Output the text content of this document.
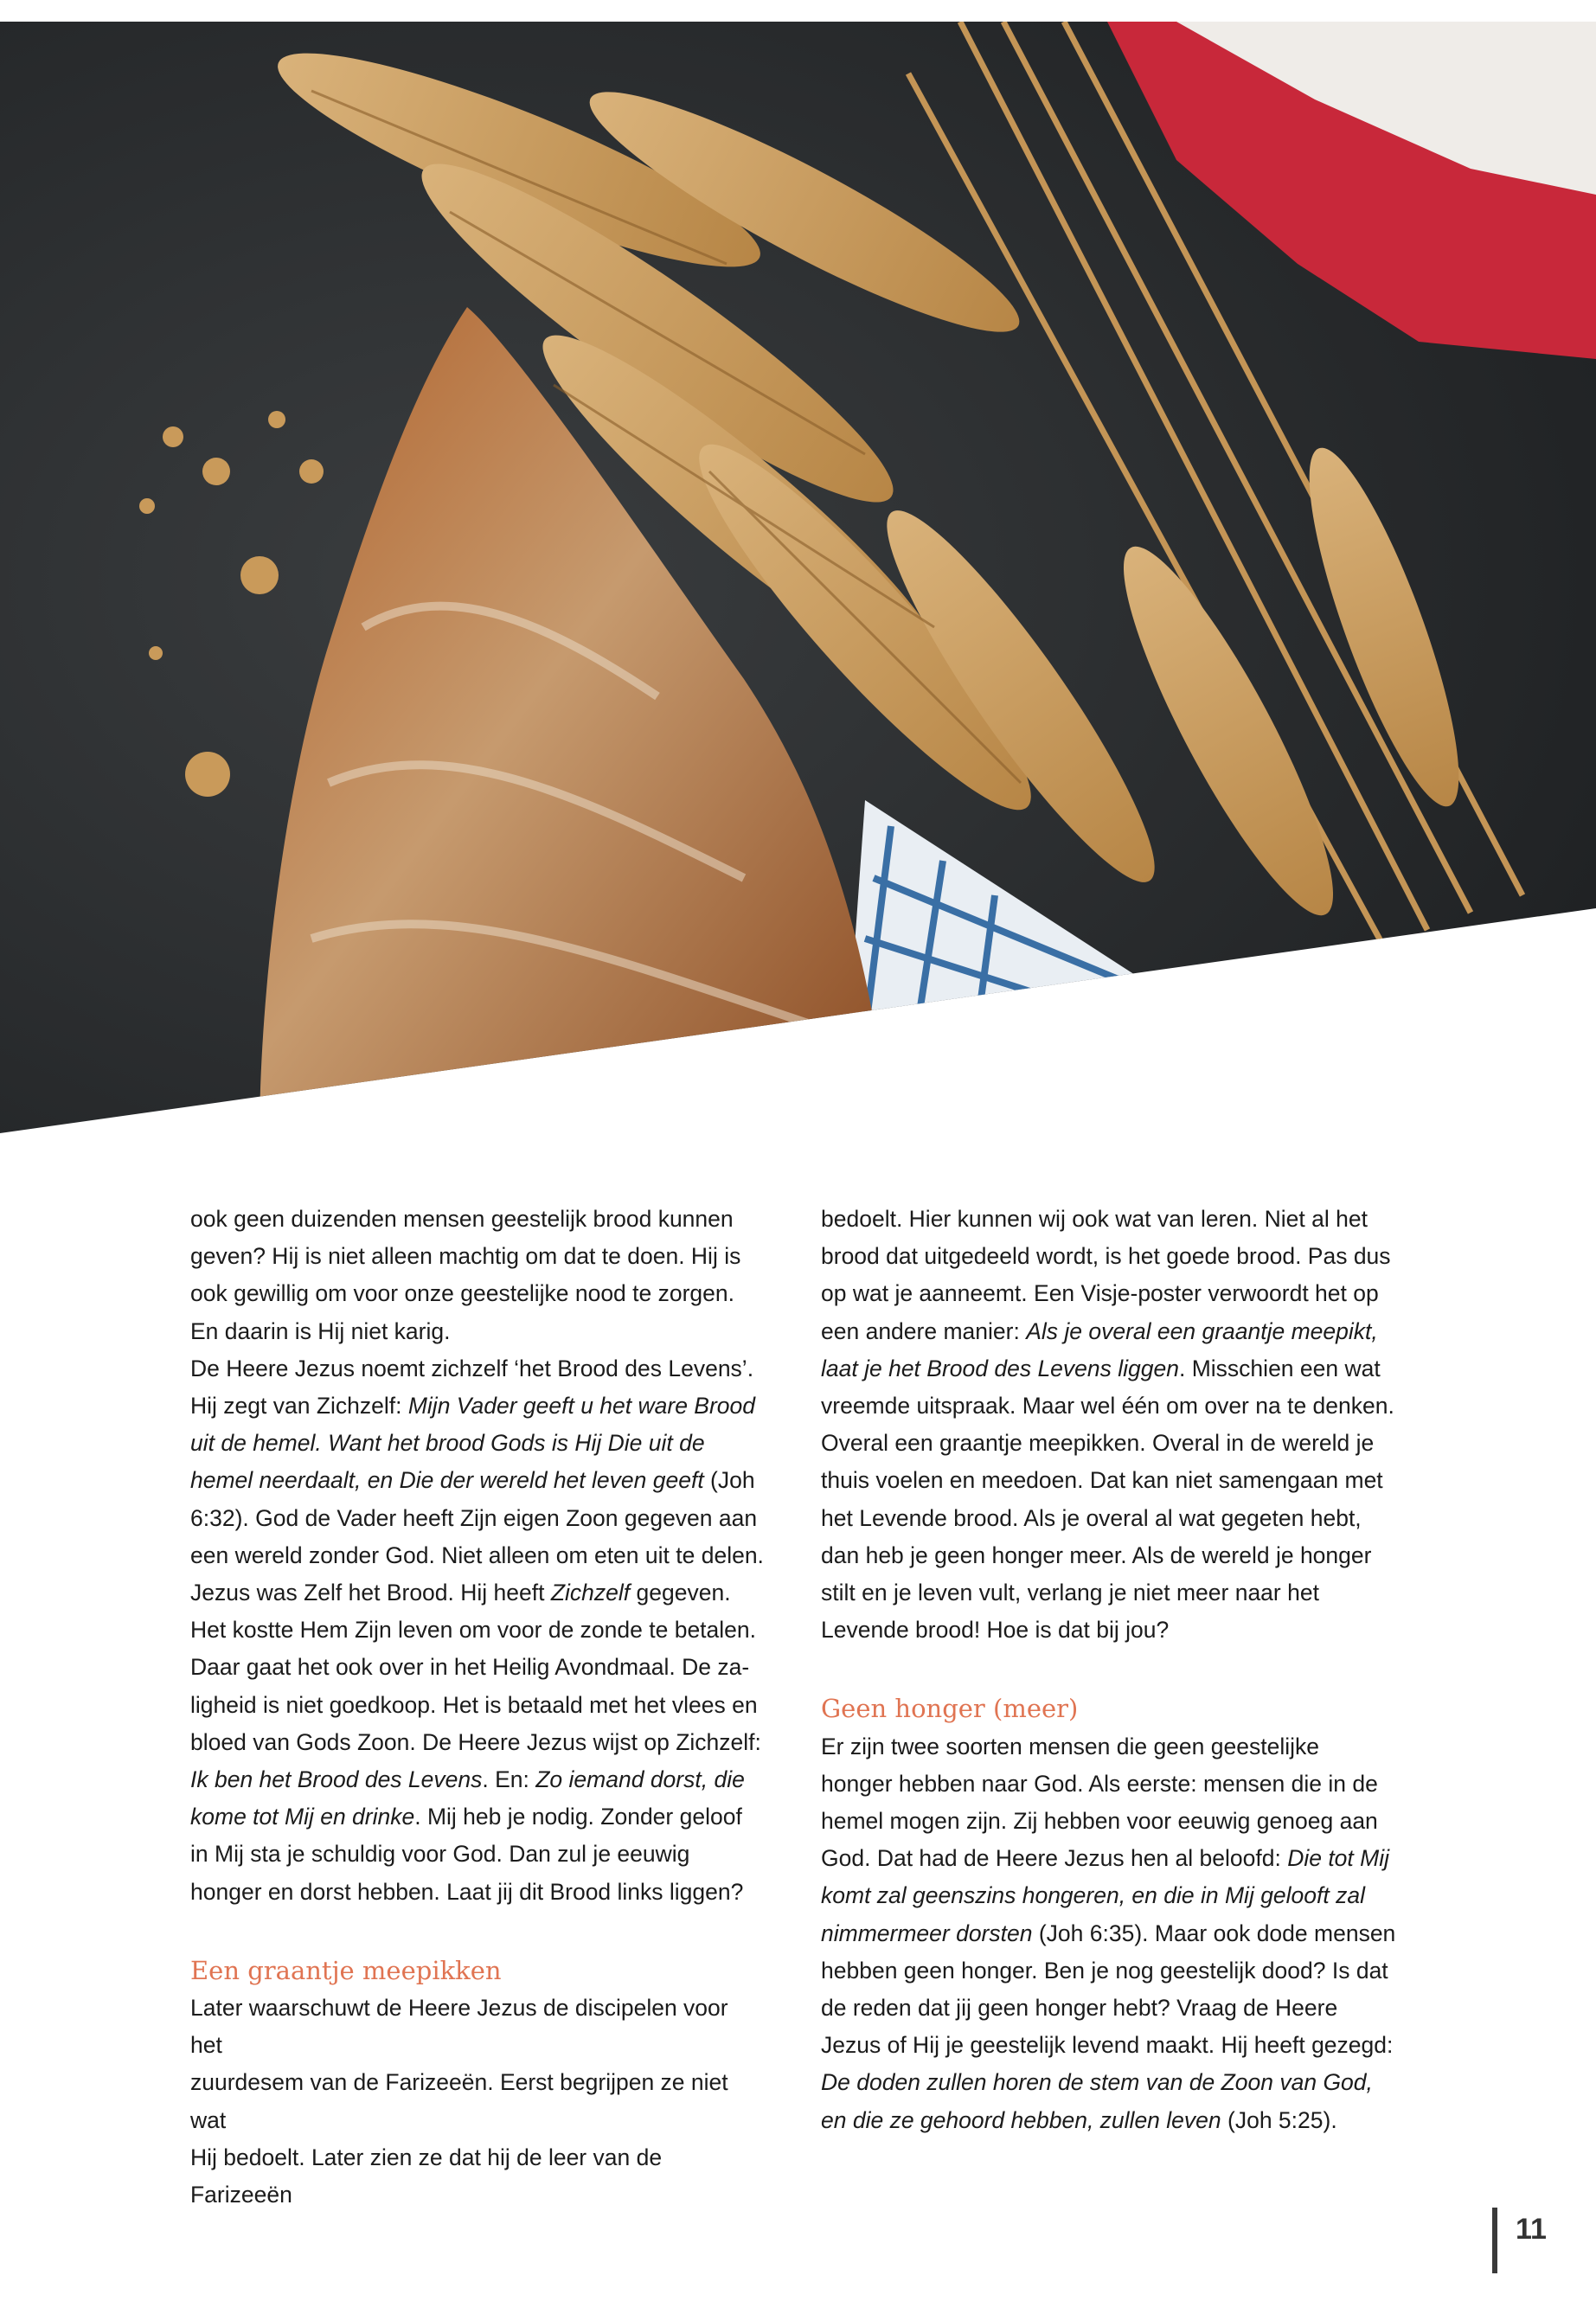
ook geen duizenden mensen geestelijk brood kunnen
geven? Hij is niet alleen machtig om dat te doen. Hij is
ook gewillig om voor onze geestelijke nood te zorgen.
En daarin is Hij niet karig.

De Heere Jezus noemt zichzelf ‘het Brood des Levens’.
Hij zegt van Zichzelf: Mijn Vader geeft u het ware Brood uit de hemel. Want het brood Gods is Hij Die uit de hemel neerdaalt, en Die der wereld het leven geeft (Joh 6:32). God de Vader heeft Zijn eigen Zoon gegeven aan een wereld zonder God. Niet alleen om eten uit te delen. Jezus was Zelf het Brood. Hij heeft Zichzelf gegeven. Het kostte Hem Zijn leven om voor de zonde te betalen. Daar gaat het ook over in het Heilig Avondmaal. De za-ligheid is niet goedkoop. Het is betaald met het vlees en bloed van Gods Zoon. De Heere Jezus wijst op Zichzelf: Ik ben het Brood des Levens. En: Zo iemand dorst, die kome tot Mij en drinke. Mij heb je nodig. Zonder geloof in Mij sta je schuldig voor God. Dan zul je eeuwig honger en dorst hebben. Laat jij dit Brood links liggen?

Een graantje meepikken

Later waarschuwt de Heere Jezus de discipelen voor het
zuurdesem van de Farizeeën. Eerst begrijpen ze niet wat
Hij bedoelt. Later zien ze dat hij de leer van de Farizeeën

bedoelt. Hier kunnen wij ook wat van leren. Niet al het brood dat uitgedeeld wordt, is het goede brood. Pas dus op wat je aanneemt. Een Visje-poster verwoordt het op een andere manier: Als je overal een graantje meepikt, laat je het Brood des Levens liggen. Misschien een wat vreemde uitspraak. Maar wel één om over na te denken. Overal een graantje meepikken. Overal in de wereld je thuis voelen en meedoen. Dat kan niet samengaan met het Levende brood. Als je overal al wat gegeten hebt, dan heb je geen honger meer. Als de wereld je honger stilt en je leven vult, verlang je niet meer naar het Levende brood! Hoe is dat bij jou?

Geen honger (meer)

Er zijn twee soorten mensen die geen geestelijke honger hebben naar God. Als eerste: mensen die in de hemel mogen zijn. Zij hebben voor eeuwig genoeg aan God. Dat had de Heere Jezus hen al beloofd: Die tot Mij komt zal geenszins hongeren, en die in Mij gelooft zal nimmermeer dorsten (Joh 6:35). Maar ook dode mensen hebben geen honger. Ben je nog geestelijk dood? Is dat de reden dat jij geen honger hebt? Vraag de Heere Jezus of Hij je geestelijk levend maakt. Hij heeft gezegd: De doden zullen horen de stem van de Zoon van God, en die ze gehoord hebben, zullen leven (Joh 5:25).

11
